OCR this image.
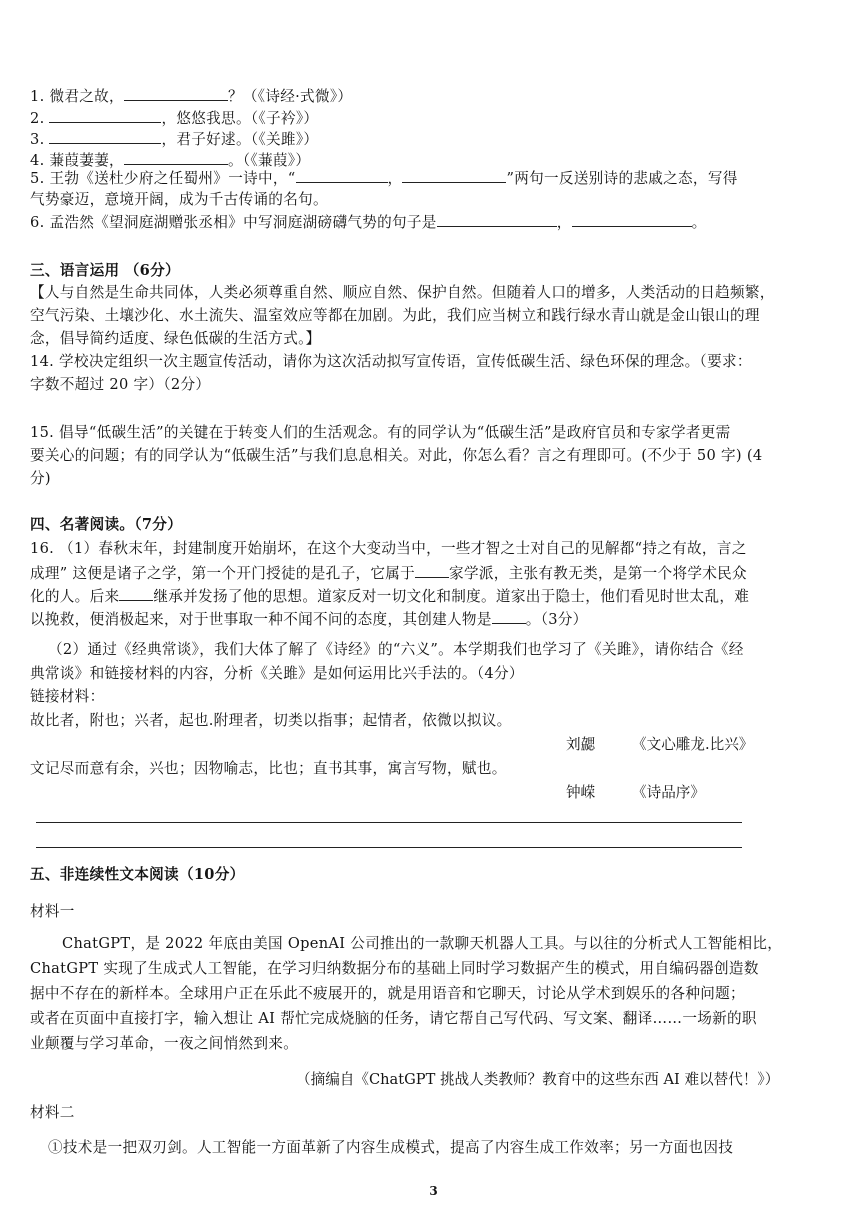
1. 微君之故，	？（《诗经·式微》）
2.	，悠悠我思。（《子衿》）
3.	，君子好逑。（《关雎》）
4. 蒹葭萋萋，	。（《蒹葭》）
5. 王勃《送杜少府之任蜀州》一诗中，“	，	”两句一反送别诗的悲戚之态，写得
气势豪迈，意境开阔，成为千古传诵的名句。
6. 孟浩然《望洞庭湖赠张丞相》中写洞庭湖磅礴气势的句子是	，	。
三、语言运用 （6分）
【人与自然是生命共同体，人类必须尊重自然、顺应自然、保护自然。但随着人口的增多，人类活动的日趋频繁，
空气污染、土壤沙化、水土流失、温室效应等都在加剧。为此，我们应当树立和践行绿水青山就是金山银山的理
念，倡导简约适度、绿色低碳的生活方式。】
14. 学校决定组织一次主题宣传活动，请你为这次活动拟写宣传语，宣传低碳生活、绿色环保的理念。（要求：
字数不超过 20 字）（2分）
15. 倡导“低碳生活”的关键在于转变人们的生活观念。有的同学认为“低碳生活”是政府官员和专家学者更需
要关心的问题；有的同学认为“低碳生活”与我们息息相关。对此，你怎么看？言之有理即可。(不少于 50 字) (4
分)
四、名著阅读。（7分）
16. （1）春秋末年，封建制度开始崩坏，在这个大变动当中，一些才智之士对自己的见解都“持之有故，言之
成理” 这便是诸子之学，第一个开门授徒的是孔子，它属于 家学派，主张有教无类，是第一个将学术民众
化的人。后来 继承并发扬了他的思想。道家反对一切文化和制度。道家出于隐士，他们看见时世太乱，难
以挽救，便消极起来，对于世事取一种不闻不问的态度，其创建人物是 。（3分）
（2）通过《经典常谈》，我们大体了解了《诗经》的“六义”。本学期我们也学习了《关雎》，请你结合《经
典常谈》和链接材料的内容，分析《关雎》是如何运用比兴手法的。（4分）
链接材料：
故比者，附也；兴者，起也.附理者，切类以指事；起情者，依微以拟议。
刘勰	《文心雕龙.比兴》
文记尽而意有余，兴也；因物喻志，比也；直书其事，寓言写物，赋也。
钟嵘	《诗品序》
五、非连续性文本阅读（10分）
材料一
ChatGPT，是 2022 年底由美国 OpenAI 公司推出的一款聊天机器人工具。与以往的分析式人工智能相比，
ChatGPT 实现了生成式人工智能，在学习归纳数据分布的基础上同时学习数据产生的模式，用自编码器创造数
据中不存在的新样本。全球用户正在乐此不疲展开的，就是用语音和它聊天，讨论从学术到娱乐的各种问题；
或者在页面中直接打字，输入想让 AI 帮忙完成烧脑的任务，请它帮自己写代码、写文案、翻译……一场新的职
业颠覆与学习革命，一夜之间悄然到来。
（摘编自《ChatGPT 挑战人类教师？教育中的这些东西 AI 难以替代！》）
材料二
①技术是一把双刃剑。人工智能一方面革新了内容生成模式，提高了内容生成工作效率；另一方面也因技
3
